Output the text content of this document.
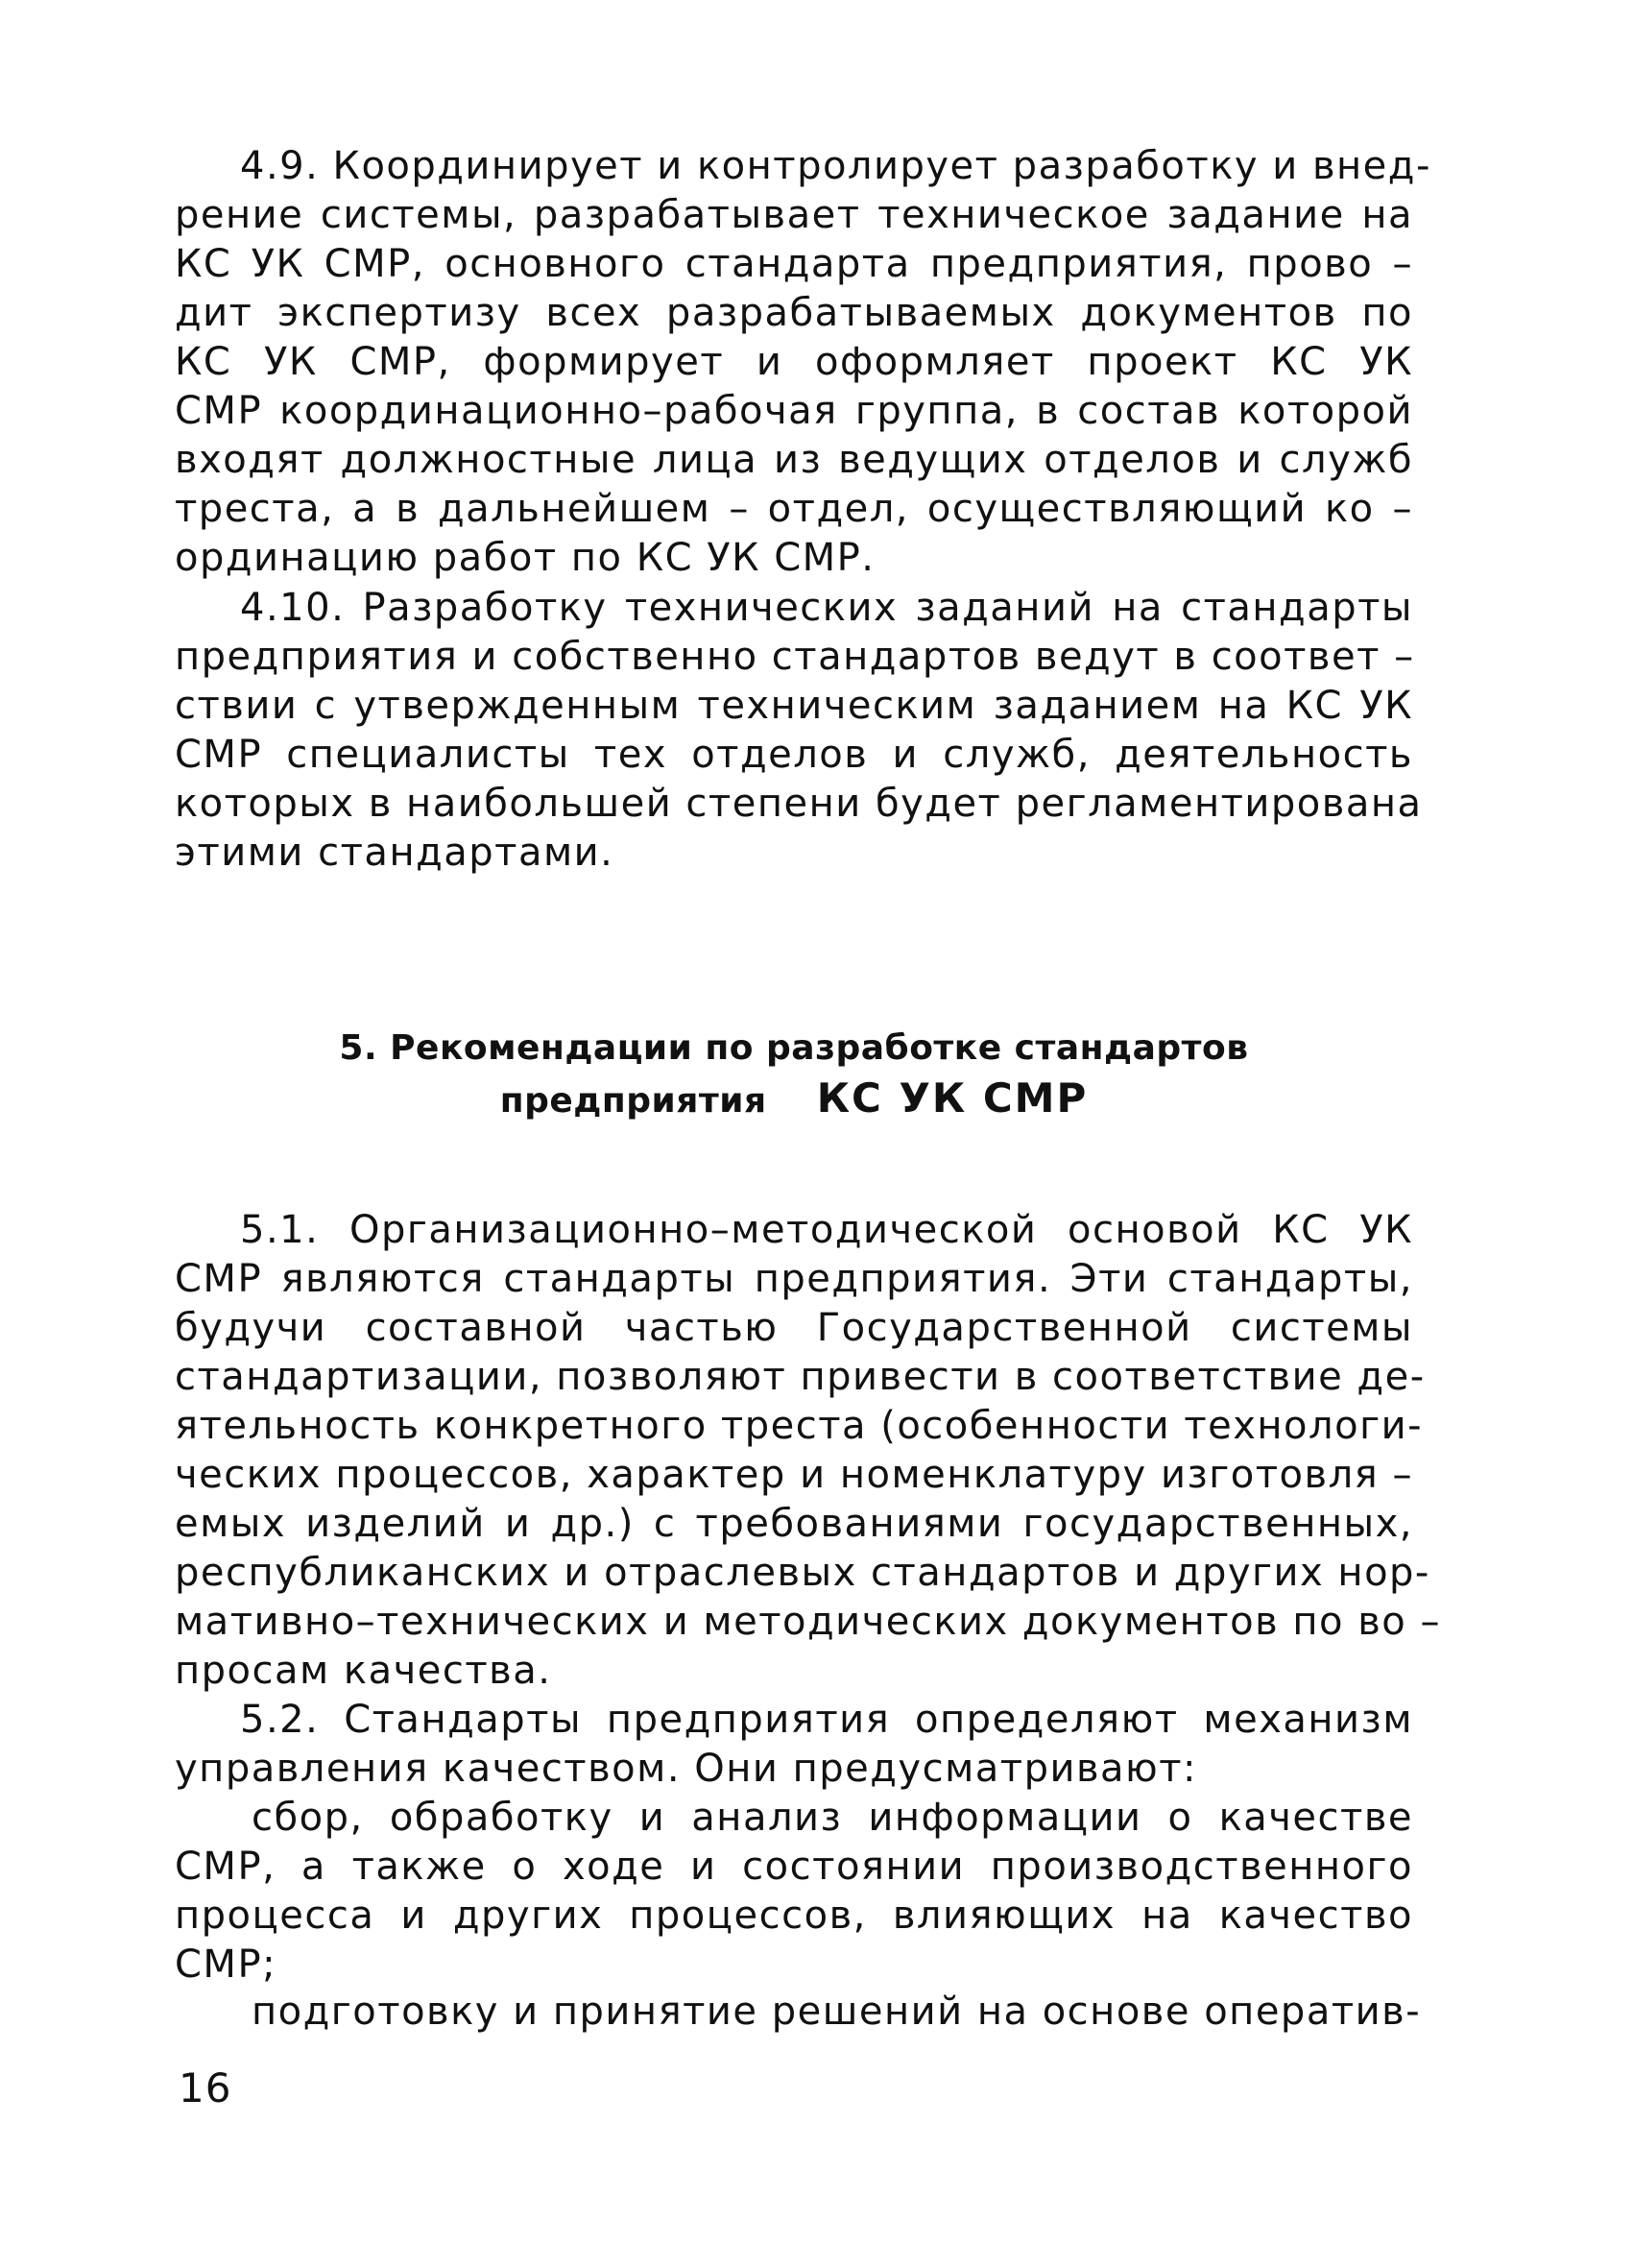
4.9. Координирует и контролирует разработку и внед-
рение системы, разрабатывает техническое задание на
КС УК СМР, основного стандарта предприятия, прово –
дит экспертизу всех разрабатываемых документов по
КС УК СМР, формирует и оформляет проект КС УК
СМР координационно–рабочая группа, в состав которой
входят должностные лица из ведущих отделов и служб
треста, а в дальнейшем – отдел, осуществляющий ко –
ординацию работ по КС УК СМР.
4.10. Разработку технических заданий на стандарты
предприятия и собственно стандартов ведут в соответ –
ствии с утвержденным техническим заданием на КС УК
СМР специалисты тех отделов и служб, деятельность
которых в наибольшей степени будет регламентирована
этими стандартами.
5. Рекомендации по разработке стандартов
предприятия КС УК СМР
5.1. Организационно–методической основой КС УК
СМР являются стандарты предприятия. Эти стандарты,
будучи составной частью Государственной системы
стандартизации, позволяют привести в соответствие де-
ятельность конкретного треста (особенности технологи-
ческих процессов, характер и номенклатуру изготовля –
емых изделий и др.) с требованиями государственных,
республиканских и отраслевых стандартов и других нор-
мативно–технических и методических документов по во –
просам качества.
5.2. Стандарты предприятия определяют механизм
управления качеством. Они предусматривают:
сбор, обработку и анализ информации о качестве
СМР, а также о ходе и состоянии производственного
процесса и других процессов, влияющих на качество
СМР;
подготовку и принятие решений на основе оператив-
16
